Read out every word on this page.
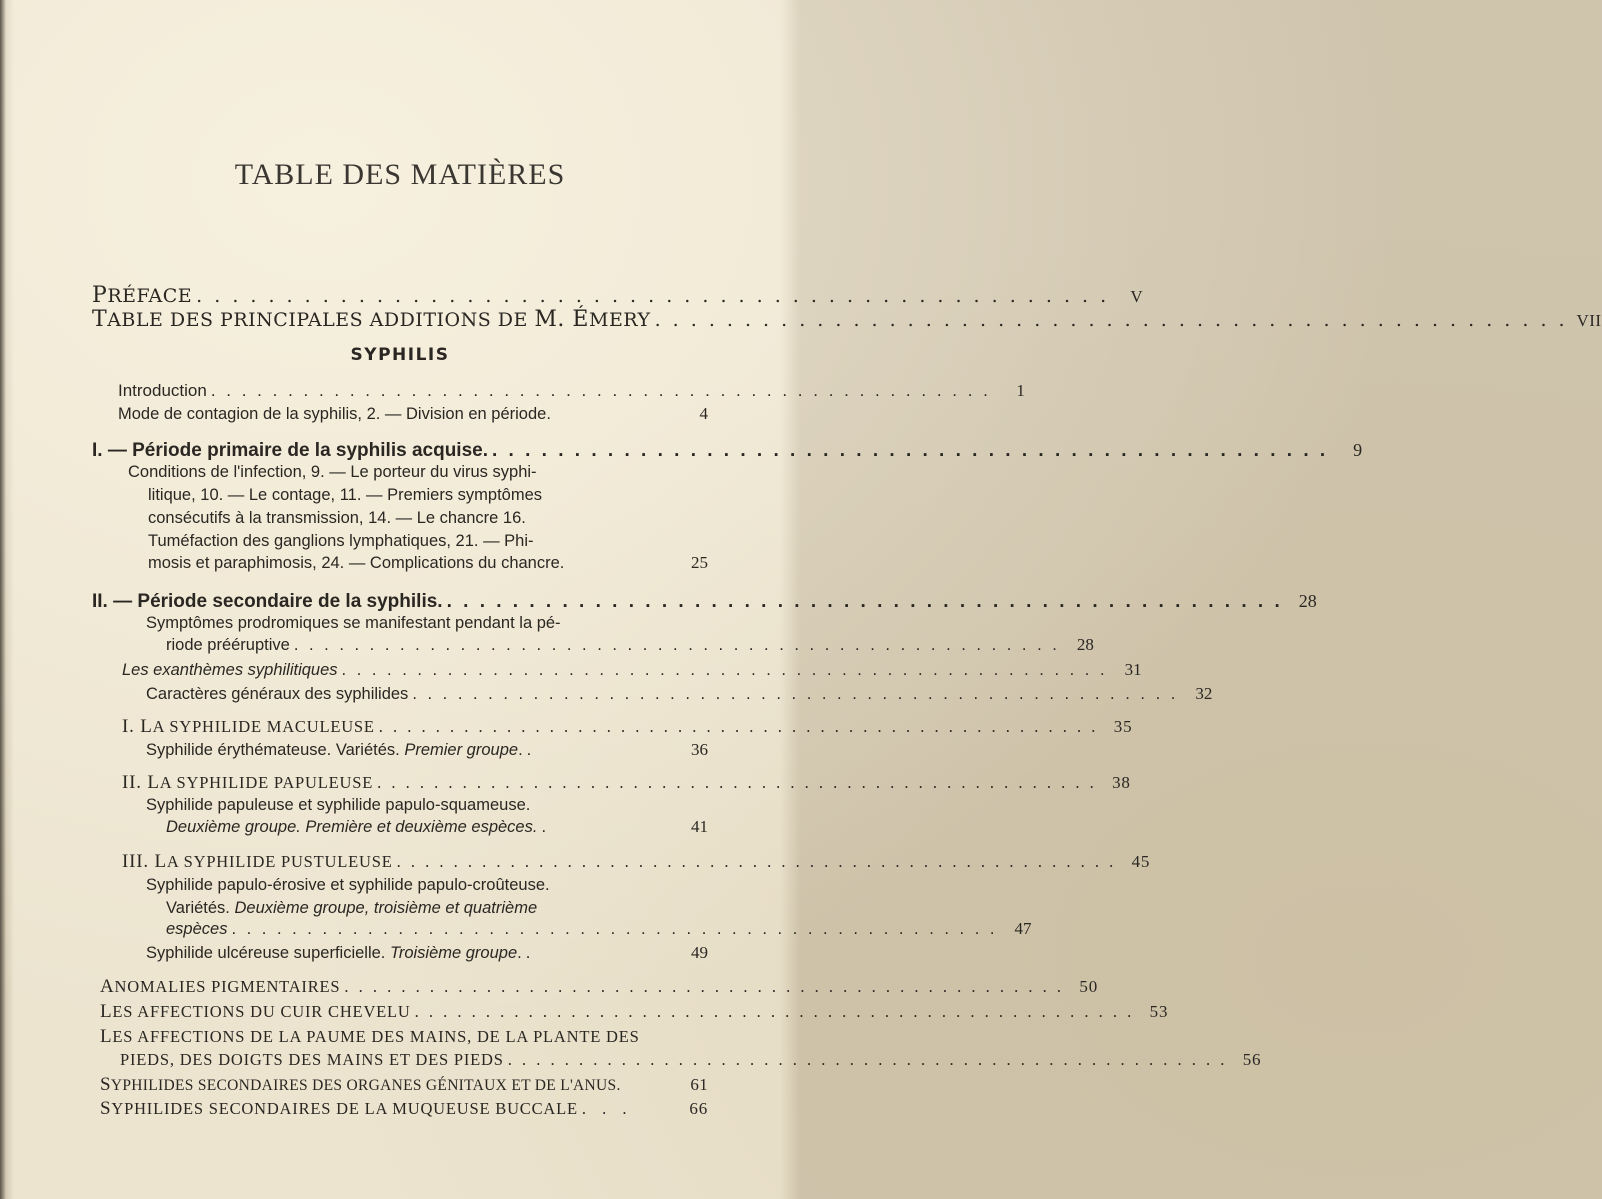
TABLE DES MATIÈRES
PRÉFACE . . . . . . . . . . . . . . . . . . . . . . . . . . . . . . . . . . . . . . . . . . . . . . . . . . .	V
TABLE DES PRINCIPALES ADDITIONS DE M. ÉMERY . . . . . . . . . . . . . . . . . . . . . . . . . . . . . . . . . . . . . . . . . . . . . . . . . . . VII
SYPHILIS
Introduction . . . . . . . . . . . . . . . . . . . . . . . . . . . . . . . . . . . . . . . . . . . . . . . . . . .	1
Mode de contagion de la syphilis, 2. — Division en période.	4
I. — Période primaire de la syphilis acquise. . . . . . . . . . . . . . . . . . . . . . . . . . . . . . . . . . . . . . . . . . . . . . . . . . . .	9
Conditions de l'infection, 9. — Le porteur du virus syphi-
litique, 10. — Le contage, 11. — Premiers symptômes
consécutifs à la transmission, 14. — Le chancre 16.
Tuméfaction des ganglions lymphatiques, 21. — Phi-
mosis et paraphimosis, 24. — Complications du chancre.	25
II. — Période secondaire de la syphilis. . . . . . . . . . . . . . . . . . . . . . . . . . . . . . . . . . . . . . . . . . . . . . . . . . . . 28
Symptômes prodromiques se manifestant pendant la pé-
riode prééruptive . . . . . . . . . . . . . . . . . . . . . . . . . . . . . . . . . . . . . . . . . . . . . . . . . . .	28
Les exanthèmes syphilitiques . . . . . . . . . . . . . . . . . . . . . . . . . . . . . . . . . . . . . . . . . . . . . . . . . . .	31
Caractères généraux des syphilides . . . . . . . . . . . . . . . . . . . . . . . . . . . . . . . . . . . . . . . . . . . . . . . . . . .	32
I. LA SYPHILIDE MACULEUSE . . . . . . . . . . . . . . . . . . . . . . . . . . . . . . . . . . . . . . . . . . . . . . . . . . . 35
Syphilide érythémateuse. Variétés. Premier groupe. .	36
II. LA SYPHILIDE PAPULEUSE . . . . . . . . . . . . . . . . . . . . . . . . . . . . . . . . . . . . . . . . . . . . . . . . . . . 38
Syphilide papuleuse et syphilide papulo-squameuse.
Deuxième groupe. Première et deuxième espèces. .	41
III. LA SYPHILIDE PUSTULEUSE . . . . . . . . . . . . . . . . . . . . . . . . . . . . . . . . . . . . . . . . . . . . . . . . . . . 45
Syphilide papulo-érosive et syphilide papulo-croûteuse.
Variétés. Deuxième groupe, troisième et quatrième
espèces . . . . . . . . . . . . . . . . . . . . . . . . . . . . . . . . . . . . . . . . . . . . . . . . . . .	47
Syphilide ulcéreuse superficielle. Troisième groupe. .	49
ANOMALIES PIGMENTAIRES . . . . . . . . . . . . . . . . . . . . . . . . . . . . . . . . . . . . . . . . . . . . . . . . . . . 50
LES AFFECTIONS DU CUIR CHEVELU . . . . . . . . . . . . . . . . . . . . . . . . . . . . . . . . . . . . . . . . . . . . . . . . . . . 53
LES AFFECTIONS DE LA PAUME DES MAINS, DE LA PLANTE DES
PIEDS, DES DOIGTS DES MAINS ET DES PIEDS . . . . . . . . . . . . . . . . . . . . . . . . . . . . . . . . . . . . . . . . . . . . . . . . . . . 56
SYPHILIDES SECONDAIRES DES ORGANES GÉNITAUX ET DE L'ANUS.	61
SYPHILIDES SECONDAIRES DE LA MUQUEUSE BUCCALE . . .	66
